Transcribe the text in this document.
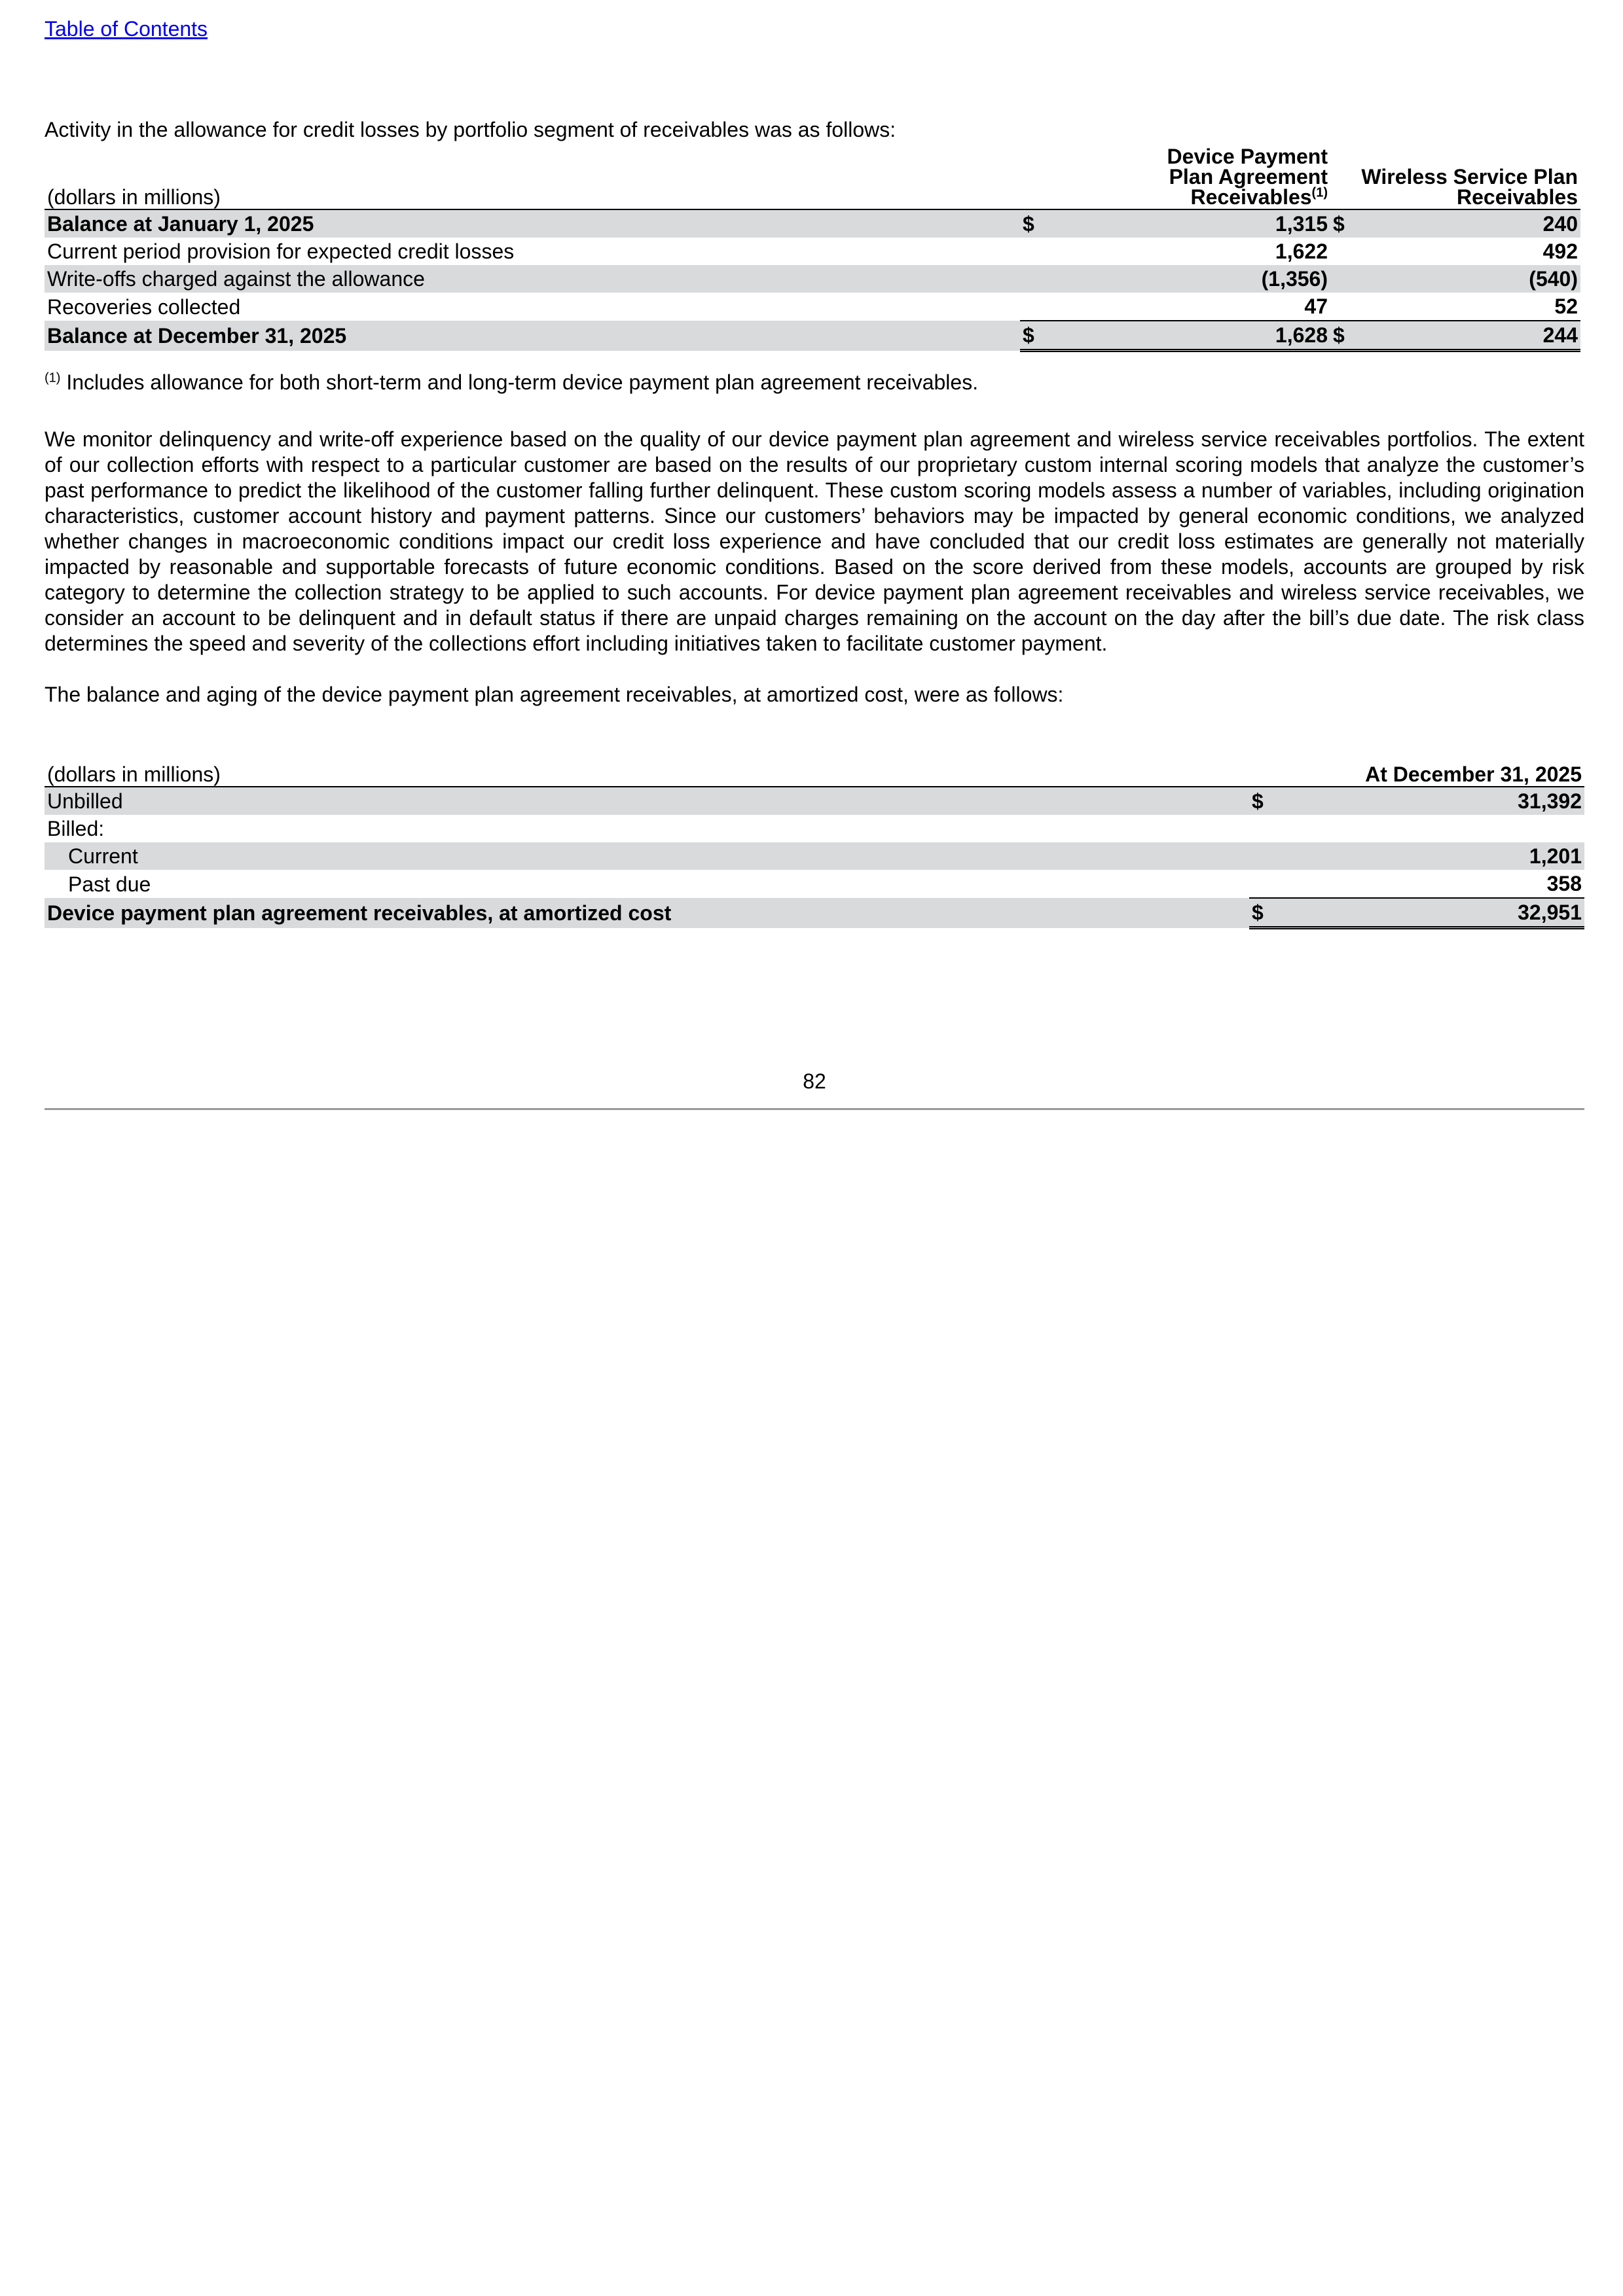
Table of Contents
Activity in the allowance for credit losses by portfolio segment of receivables was as follows:
(dollars in millions)		Device Payment
Plan Agreement
Receivables$^{(1)}$		Wireless Service Plan
Receivables
Balance at January 1, 2025	$	1,315	$	240
Current period provision for expected credit losses		1,622		492
Write-offs charged against the allowance		(1,356)		(540)
Recoveries collected		47		52
Balance at December 31, 2025	$	1,628	$	244
$^{(1)}$ Includes allowance for both short-term and long-term device payment plan agreement receivables.
We monitor delinquency and write-off experience based on the quality of our device payment plan agreement and wireless service receivables portfolios. The extent of our collection efforts with respect to a particular customer are based on the results of our proprietary custom internal scoring models that analyze the customer’s past performance to predict the likelihood of the customer falling further delinquent. These custom scoring models assess a number of variables, including origination characteristics, customer account history and payment patterns. Since our customers’ behaviors may be impacted by general economic conditions, we analyzed whether changes in macroeconomic conditions impact our credit loss experience and have concluded that our credit loss estimates are generally not materially impacted by reasonable and supportable forecasts of future economic conditions. Based on the score derived from these models, accounts are grouped by risk category to determine the collection strategy to be applied to such accounts. For device payment plan agreement receivables and wireless service receivables, we consider an account to be delinquent and in default status if there are unpaid charges remaining on the account on the day after the bill’s due date. The risk class determines the speed and severity of the collections effort including initiatives taken to facilitate customer payment.
The balance and aging of the device payment plan agreement receivables, at amortized cost, were as follows:
(dollars in millions)		At December 31, 2025
Unbilled	$	31,392
Billed:		
Current		1,201
Past due		358
Device payment plan agreement receivables, at amortized cost	$	32,951
82
